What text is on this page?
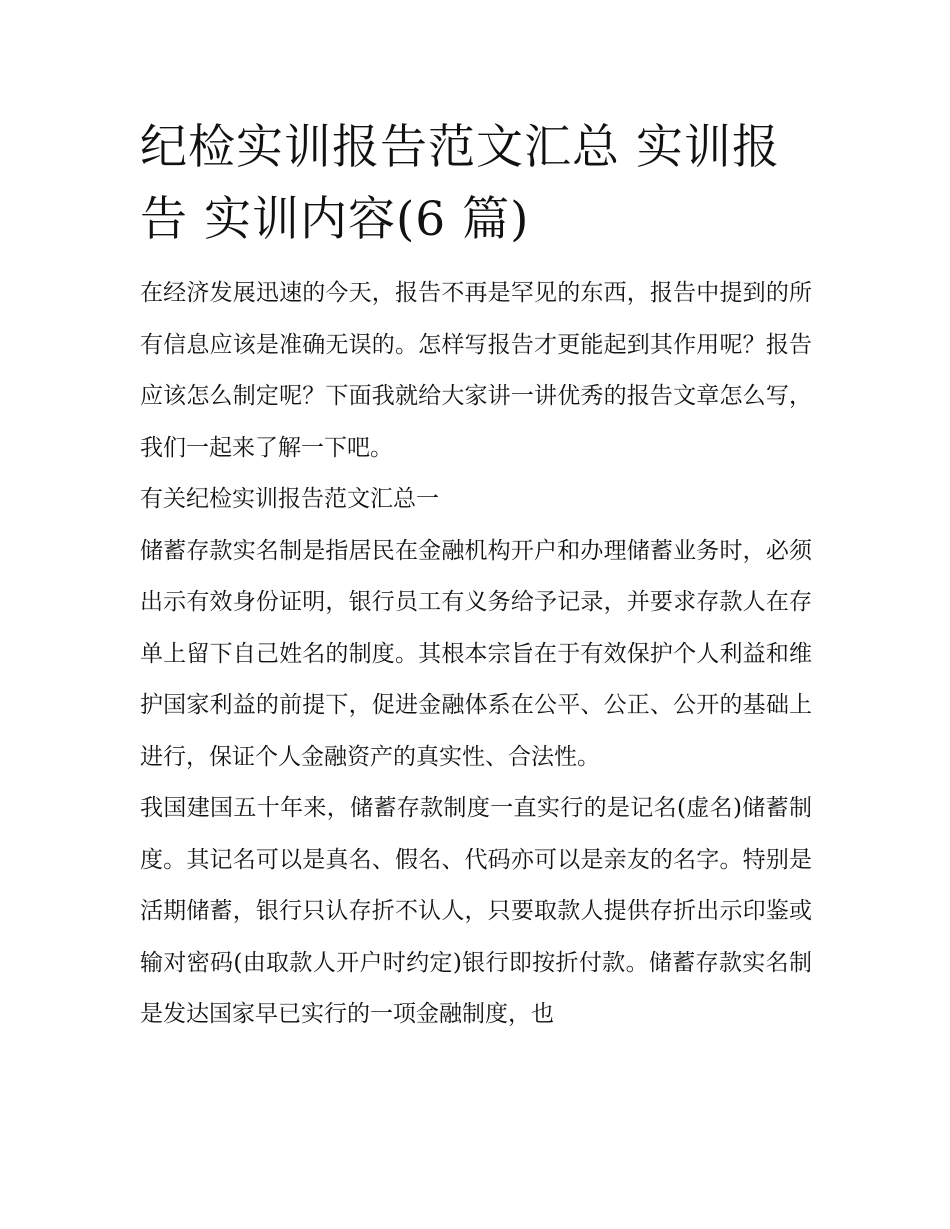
纪检实训报告范文汇总 实训报告 实训内容(6 篇)

在经济发展迅速的今天，报告不再是罕见的东西，报告中提到的所有信息应该是准确无误的。怎样写报告才更能起到其作用呢？报告应该怎么制定呢？下面我就给大家讲一讲优秀的报告文章怎么写，我们一起来了解一下吧。

有关纪检实训报告范文汇总一

储蓄存款实名制是指居民在金融机构开户和办理储蓄业务时，必须出示有效身份证明，银行员工有义务给予记录，并要求存款人在存单上留下自己姓名的制度。其根本宗旨在于有效保护个人利益和维护国家利益的前提下，促进金融体系在公平、公正、公开的基础上进行，保证个人金融资产的真实性、合法性。

我国建国五十年来，储蓄存款制度一直实行的是记名(虚名)储蓄制度。其记名可以是真名、假名、代码亦可以是亲友的名字。特别是活期储蓄，银行只认存折不认人，只要取款人提供存折出示印鉴或输对密码(由取款人开户时约定)银行即按折付款。储蓄存款实名制是发达国家早已实行的一项金融制度，也
